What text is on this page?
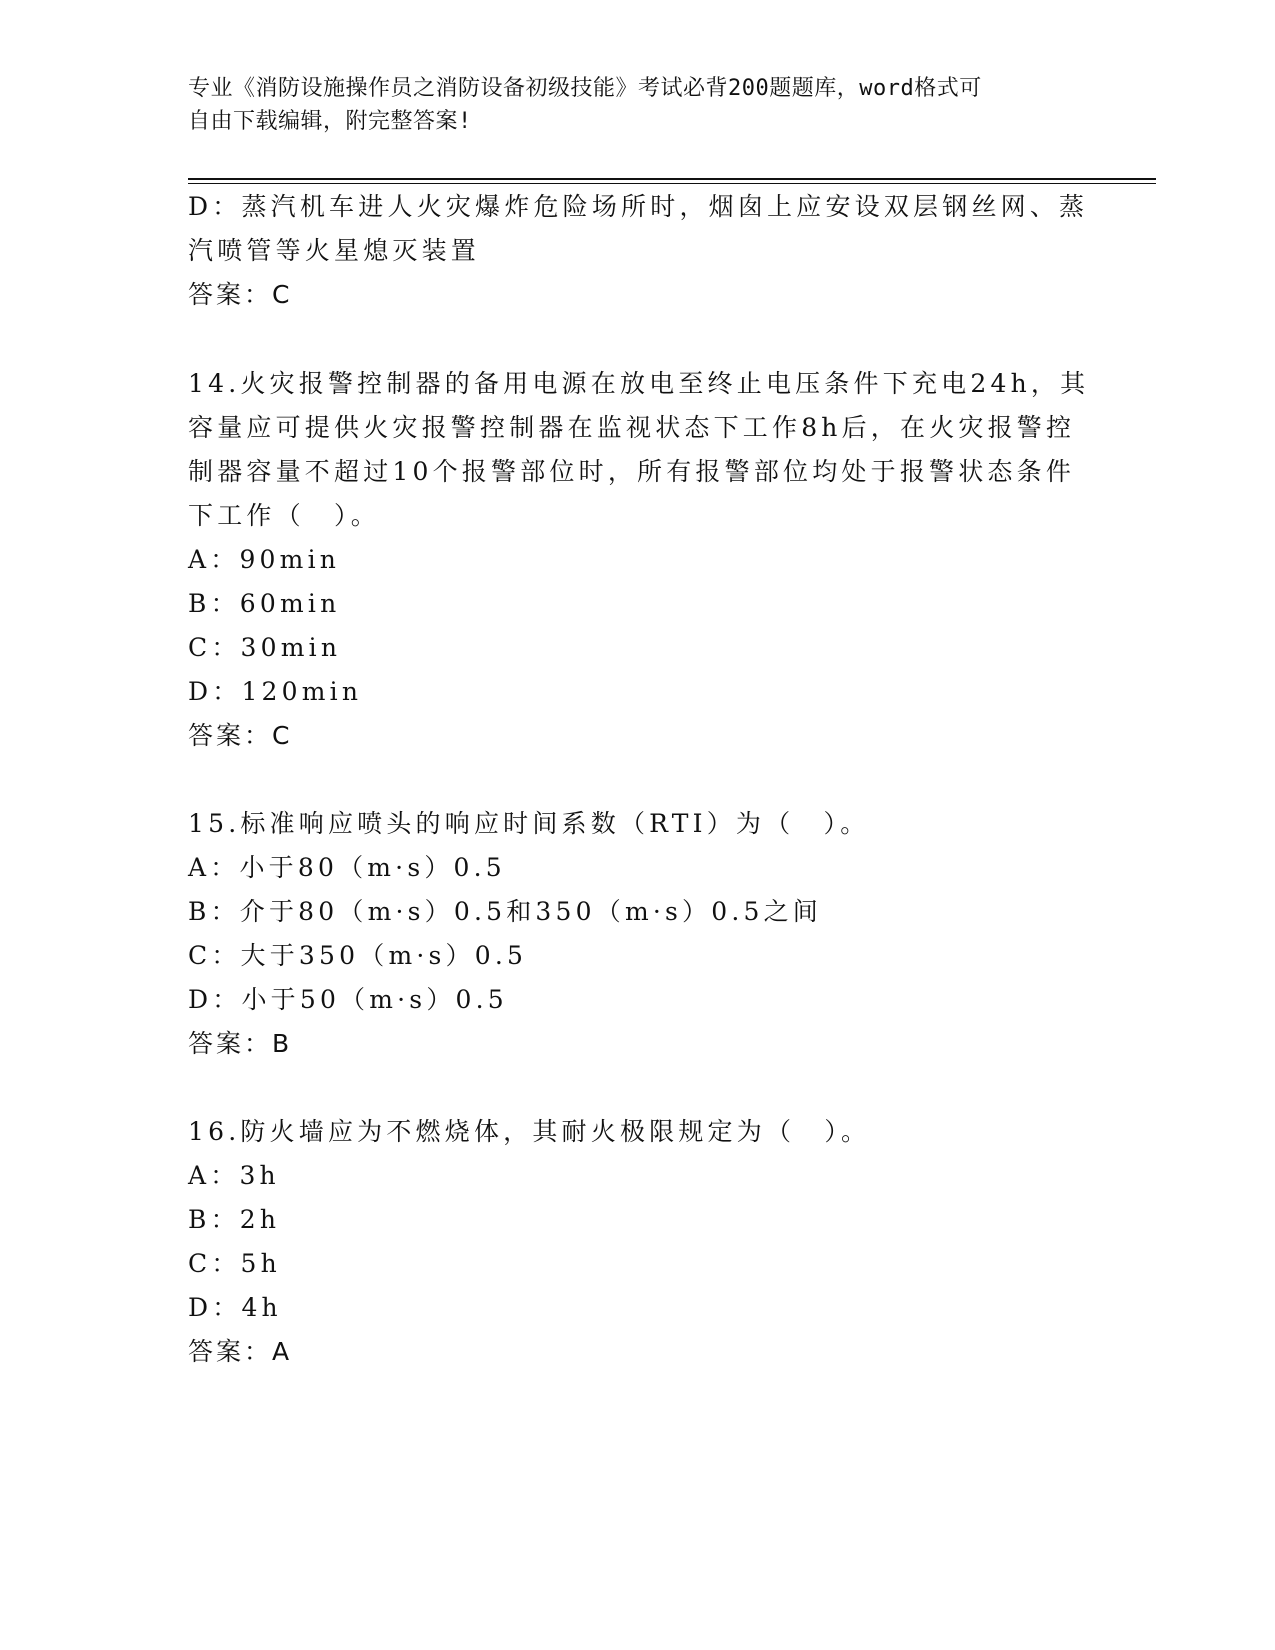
专业《消防设施操作员之消防设备初级技能》考试必背200题题库，word格式可
自由下载编辑，附完整答案!
D：蒸汽机车进人火灾爆炸危险场所时，烟囱上应安设双层钢丝网、蒸
汽喷管等火星熄灭装置
答案：C
14.火灾报警控制器的备用电源在放电至终止电压条件下充电24h，其
容量应可提供火灾报警控制器在监视状态下工作8h后，在火灾报警控
制器容量不超过10个报警部位时，所有报警部位均处于报警状态条件
下工作（　）。
A：90min
B：60min
C：30min
D：120min
答案：C
15.标准响应喷头的响应时间系数（RTI）为（　）。
A：小于80（m·s）0.5
B：介于80（m·s）0.5和350（m·s）0.5之间
C：大于350（m·s）0.5
D：小于50（m·s）0.5
答案：B
16.防火墙应为不燃烧体，其耐火极限规定为（　）。
A：3h
B：2h
C：5h
D：4h
答案：A
